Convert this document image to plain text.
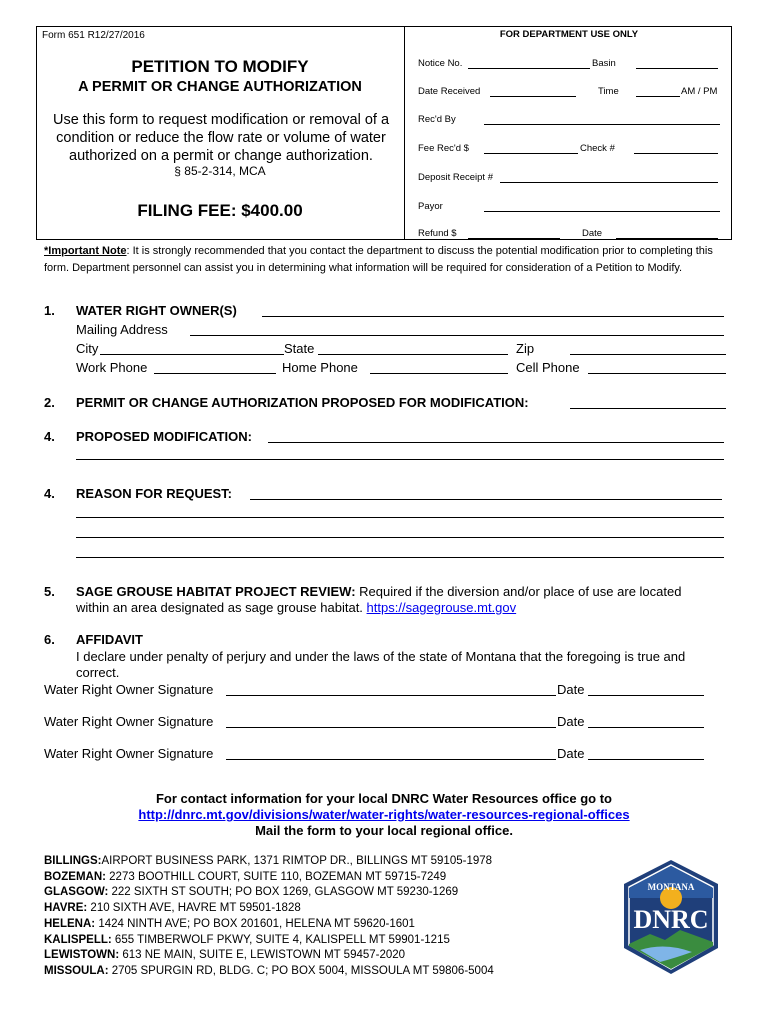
Form 651 R12/27/2016
PETITION TO MODIFY
A PERMIT OR CHANGE AUTHORIZATION
Use this form to request modification or removal of a condition or reduce the flow rate or volume of water authorized on a permit or change authorization.
§ 85-2-314, MCA
FILING FEE: $400.00
FOR DEPARTMENT USE ONLY
Notice No.	Basin
Date Received	Time	AM / PM
Rec'd By
Fee Rec'd $	Check #
Deposit Receipt #
Payor
Refund $	Date
*Important Note: It is strongly recommended that you contact the department to discuss the potential modification prior to completing this form. Department personnel can assist you in determining what information will be required for consideration of a Petition to Modify.
1. WATER RIGHT OWNER(S)
Mailing Address
City	State	Zip
Work Phone	Home Phone	Cell Phone
2. PERMIT OR CHANGE AUTHORIZATION PROPOSED FOR MODIFICATION:
4. PROPOSED MODIFICATION:
4. REASON FOR REQUEST:
5. SAGE GROUSE HABITAT PROJECT REVIEW: Required if the diversion and/or place of use are located
within an area designated as sage grouse habitat. https://sagegrouse.mt.gov
6. AFFIDAVIT
I declare under penalty of perjury and under the laws of the state of Montana that the foregoing is true and
correct.
Water Right Owner Signature	Date
Water Right Owner Signature	Date
Water Right Owner Signature	Date
For contact information for your local DNRC Water Resources office go to
http://dnrc.mt.gov/divisions/water/water-rights/water-resources-regional-offices
Mail the form to your local regional office.
BILLINGS:AIRPORT BUSINESS PARK, 1371 RIMTOP DR., BILLINGS MT 59105-1978
BOZEMAN: 2273 BOOTHILL COURT, SUITE 110, BOZEMAN MT 59715-7249
GLASGOW: 222 SIXTH ST SOUTH; PO BOX 1269, GLASGOW MT 59230-1269
HAVRE: 210 SIXTH AVE, HAVRE MT 59501-1828
HELENA: 1424 NINTH AVE; PO BOX 201601, HELENA MT 59620-1601
KALISPELL: 655 TIMBERWOLF PKWY, SUITE 4, KALISPELL MT 59901-1215
LEWISTOWN: 613 NE MAIN, SUITE E, LEWISTOWN MT 59457-2020
MISSOULA: 2705 SPURGIN RD, BLDG. C; PO BOX 5004, MISSOULA MT 59806-5004
MONTANA
DNRC
